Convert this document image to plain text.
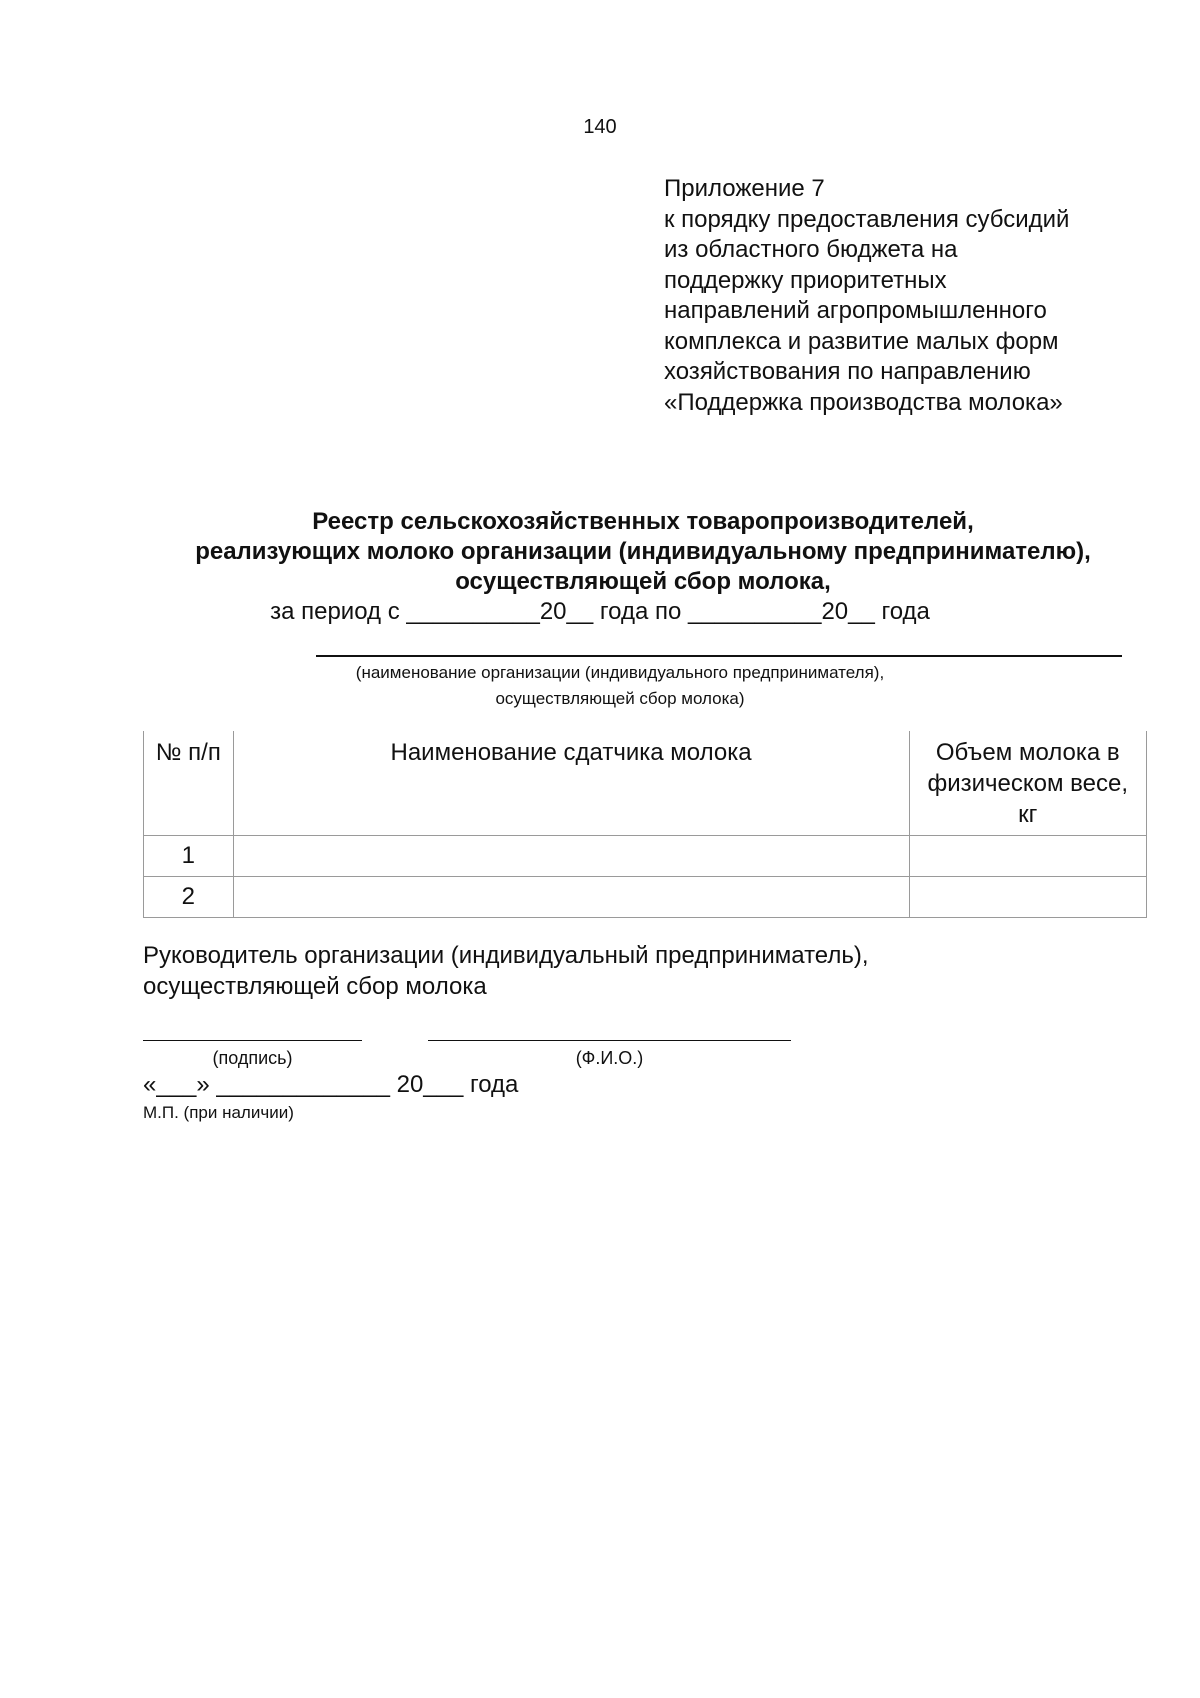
140
Приложение 7
к порядку предоставления субсидий
из областного бюджета на
поддержку приоритетных
направлений агропромышленного
комплекса и развитие малых форм
хозяйствования по направлению
«Поддержка производства молока»
Реестр сельскохозяйственных товаропроизводителей,
реализующих молоко организации (индивидуальному предпринимателю),
осуществляющей сбор молока,
за период с __________20__ года по __________20__ года
(наименование организации (индивидуального предпринимателя),
осуществляющей сбор молока)
№ п/п	Наименование сдатчика молока	Объем молока в физическом весе, кг

1		
2		
Руководитель организации (индивидуальный предприниматель),
осуществляющей сбор молока
(подпись)	(Ф.И.О.)
«___» _____________ 20___ года
М.П. (при наличии)
